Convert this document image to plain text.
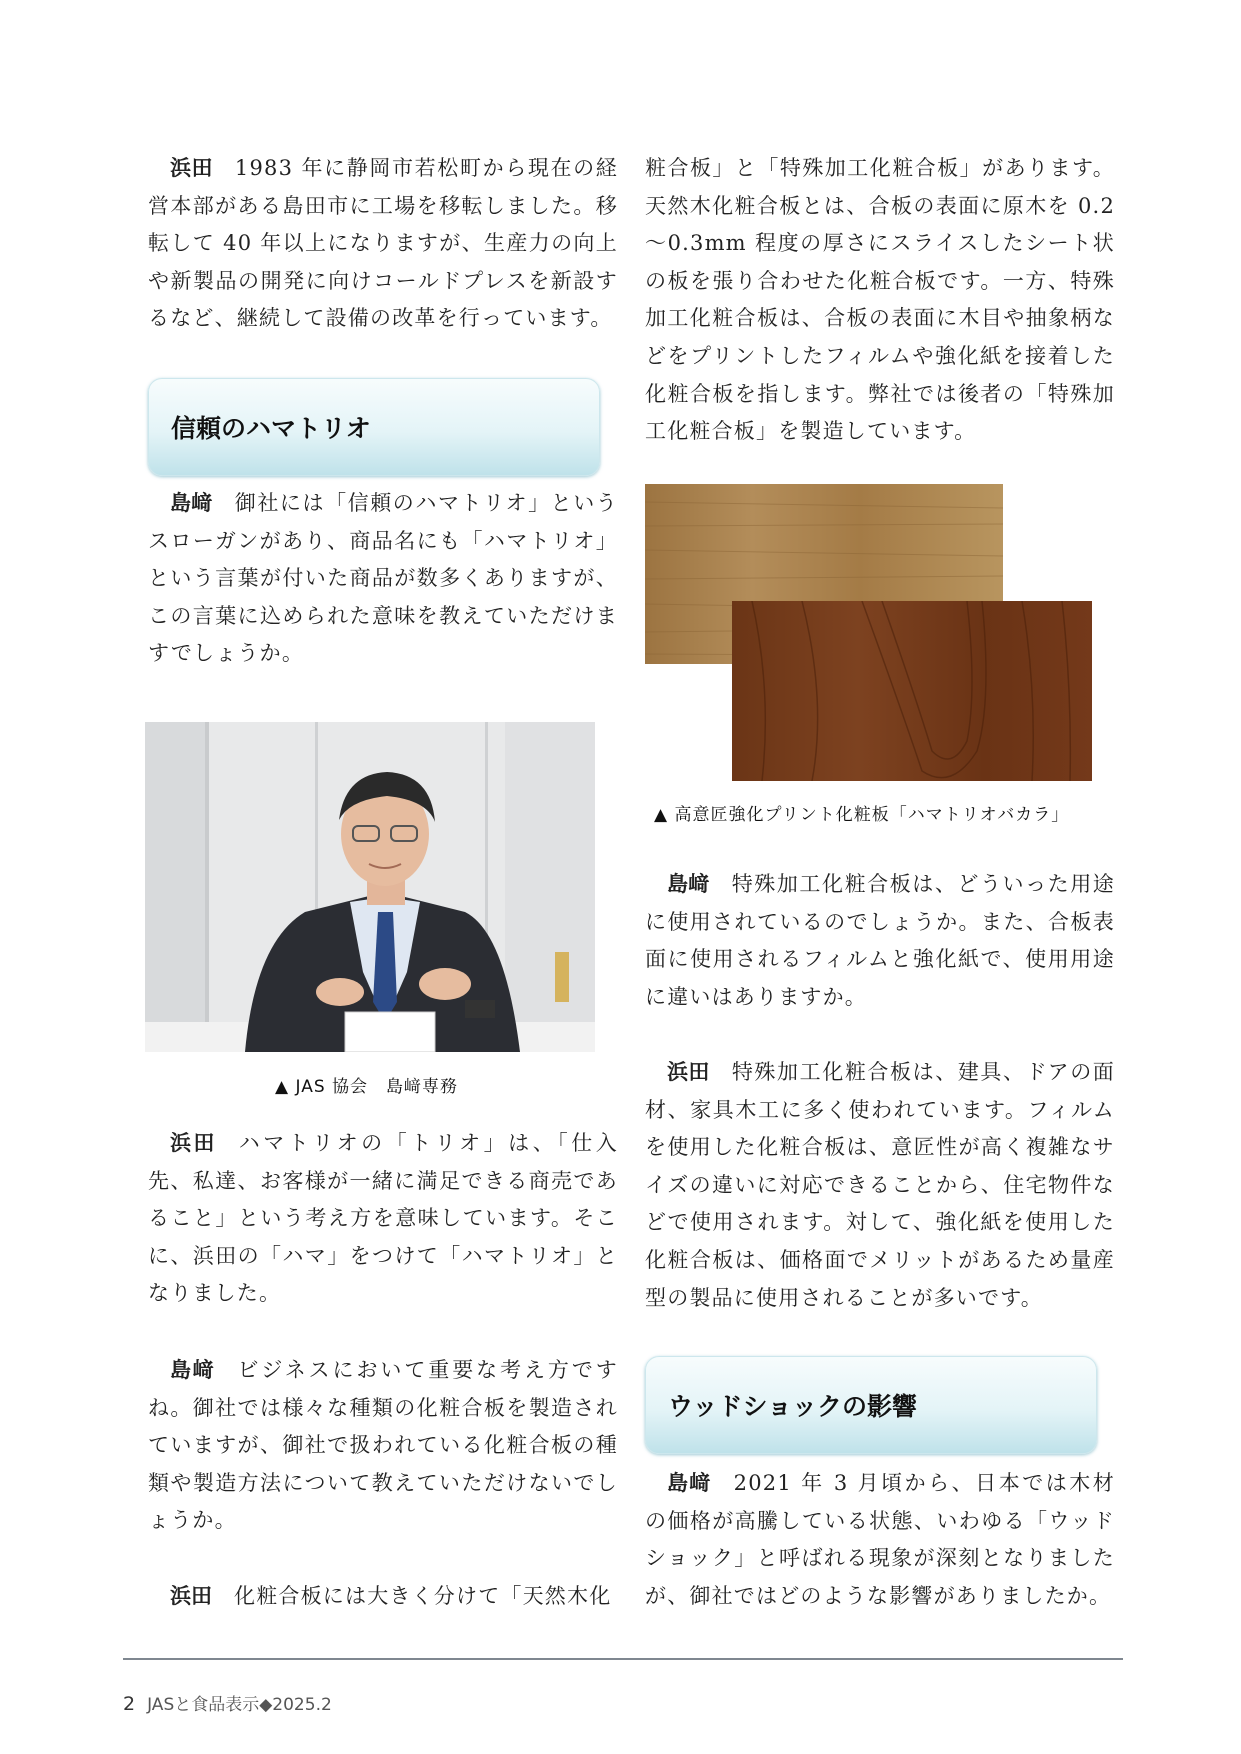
浜田 1983 年に静岡市若松町から現在の経営本部がある島田市に工場を移転しました。移転して 40 年以上になりますが、生産力の向上や新製品の開発に向けコールドプレスを新設するなど、継続して設備の改革を行っています。

信頼のハマトリオ

島﨑 御社には「信頼のハマトリオ」というスローガンがあり、商品名にも「ハマトリオ」という言葉が付いた商品が数多くありますが、この言葉に込められた意味を教えていただけますでしょうか。

▲ JAS 協会　島﨑専務

浜田 ハマトリオの「トリオ」は、「仕入先、私達、お客様が一緒に満足できる商売であること」という考え方を意味しています。そこに、浜田の「ハマ」をつけて「ハマトリオ」となりました。

島﨑 ビジネスにおいて重要な考え方ですね。御社では様々な種類の化粧合板を製造されていますが、御社で扱われている化粧合板の種類や製造方法について教えていただけないでしょうか。

浜田 化粧合板には大きく分けて「天然木化

粧合板」と「特殊加工化粧合板」があります。天然木化粧合板とは、合板の表面に原木を 0.2 〜0.3mm 程度の厚さにスライスしたシート状の板を張り合わせた化粧合板です。一方、特殊加工化粧合板は、合板の表面に木目や抽象柄などをプリントしたフィルムや強化紙を接着した化粧合板を指します。弊社では後者の「特殊加工化粧合板」を製造しています。

▲ 高意匠強化プリント化粧板「ハマトリオバカラ」

島﨑 特殊加工化粧合板は、どういった用途に使用されているのでしょうか。また、合板表面に使用されるフィルムと強化紙で、使用用途に違いはありますか。

浜田 特殊加工化粧合板は、建具、ドアの面材、家具木工に多く使われています。フィルムを使用した化粧合板は、意匠性が高く複雑なサイズの違いに対応できることから、住宅物件などで使用されます。対して、強化紙を使用した化粧合板は、価格面でメリットがあるため量産型の製品に使用されることが多いです。

ウッドショックの影響

島﨑 2021 年 3 月頃から、日本では木材の価格が高騰している状態、いわゆる「ウッドショック」と呼ばれる現象が深刻となりましたが、御社ではどのような影響がありましたか。

2 JASと食品表示◆2025.2
